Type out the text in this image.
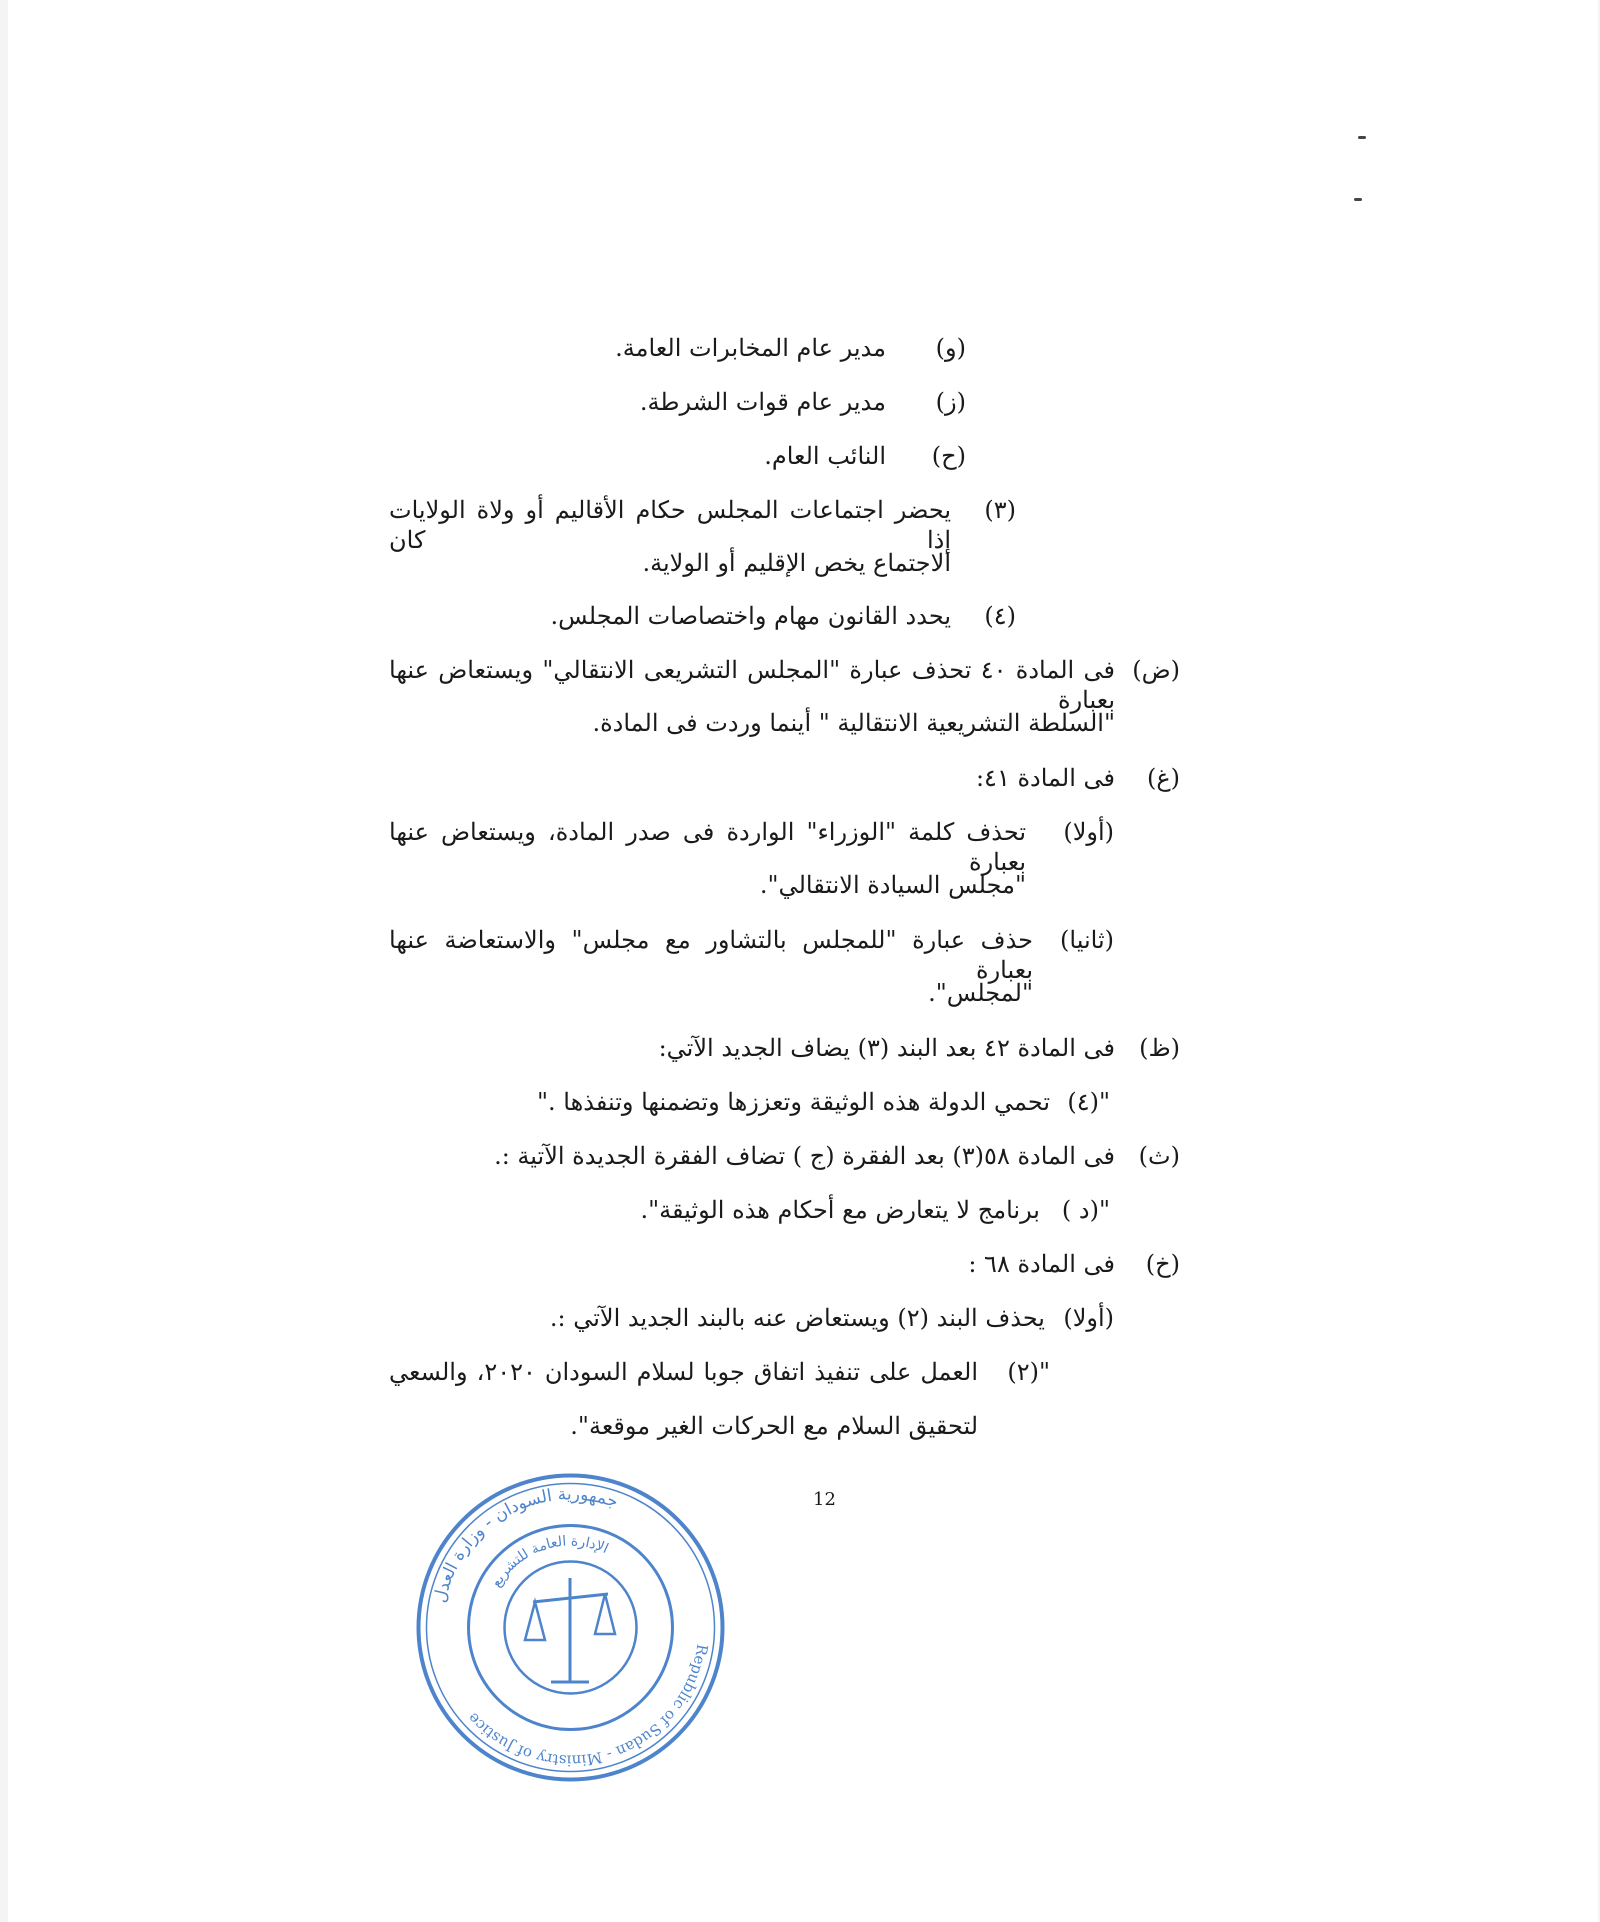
(و)
مدير عام المخابرات العامة.
(ز)
مدير عام قوات الشرطة.
(ح)
النائب العام.
(٣)
يحضر اجتماعات المجلس حكام الأقاليم أو ولاة الولايات إذا كان
الاجتماع يخص الإقليم أو الولاية.
(٤)
يحدد القانون مهام واختصاصات المجلس.
(ض)
فى المادة ٤٠ تحذف عبارة "المجلس التشريعى الانتقالي" ويستعاض عنها بعبارة
"السلطة التشريعية الانتقالية " أينما وردت فى المادة.
(غ)
فى المادة ٤١:
(أولا)
تحذف كلمة "الوزراء" الواردة فى صدر المادة، ويستعاض عنها بعبارة
"مجلس السيادة الانتقالي".
(ثانيا)
حذف عبارة "للمجلس بالتشاور مع مجلس" والاستعاضة عنها بعبارة
"لمجلس".
(ظ)
فى المادة ٤٢ بعد البند (٣) يضاف الجديد الآتي:
"(٤)
تحمي الدولة هذه الوثيقة وتعززها وتضمنها وتنفذها ."
(ث)
فى المادة ٥٨(٣) بعد الفقرة (ج ) تضاف الفقرة الجديدة الآتية :.
"(د )
برنامج لا يتعارض مع أحكام هذه الوثيقة".
(خ)
فى المادة ٦٨ :
(أولا)
يحذف البند (٢) ويستعاض عنه بالبند الجديد الآتي :.
"(٢)
العمل على تنفيذ اتفاق جوبا لسلام السودان ٢٠٢٠، والسعي
لتحقيق السلام مع الحركات الغير موقعة".
12
جمهورية السودان - وزارة العدل
Republic of Sudan - Ministry of Justice
الإدارة العامة للتشريع
